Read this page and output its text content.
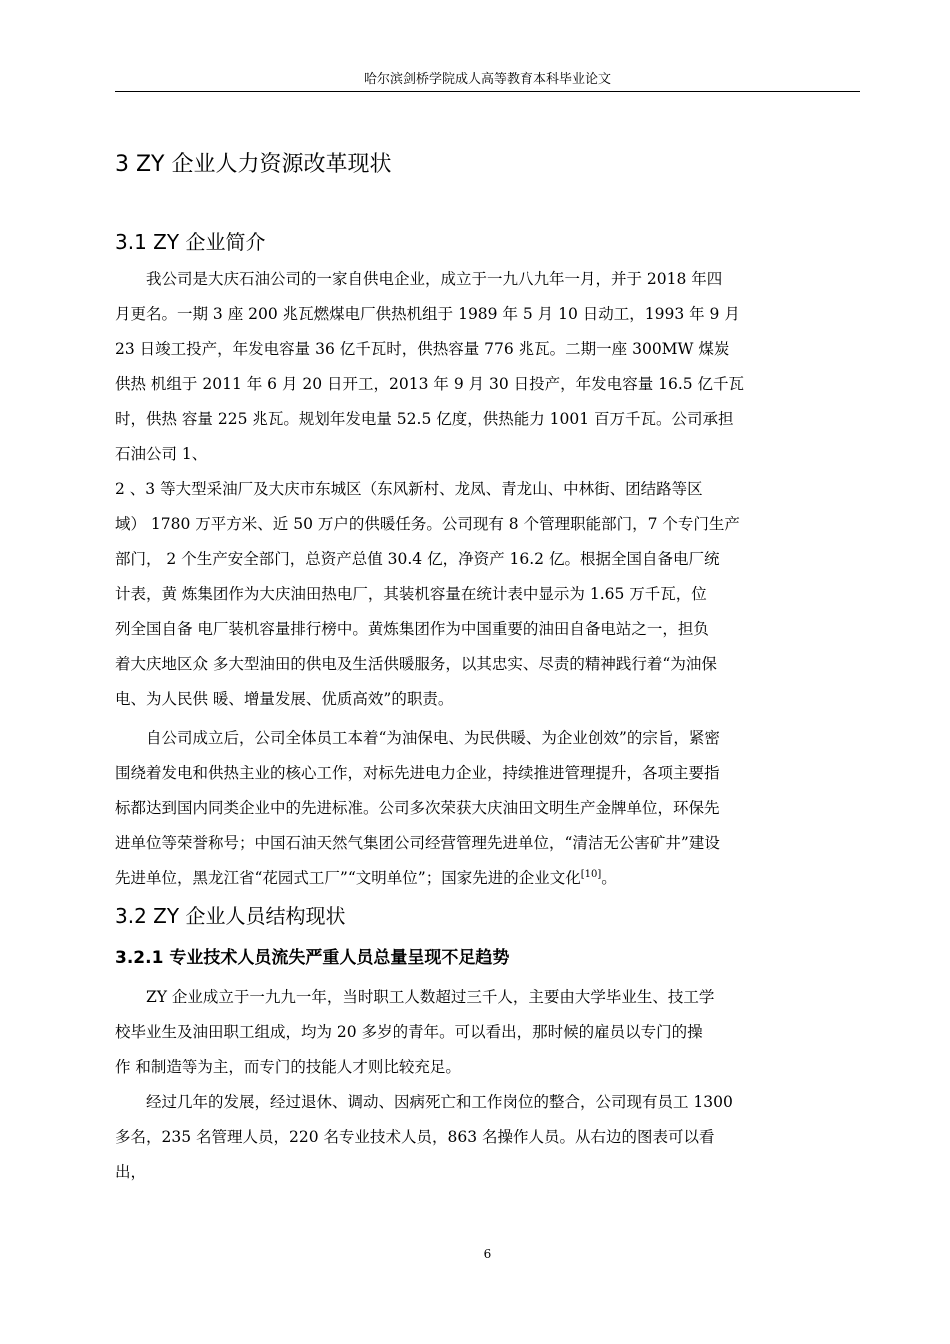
哈尔滨剑桥学院成人高等教育本科毕业论文
3 ZY 企业人力资源改革现状
3.1 ZY 企业简介

我公司是大庆石油公司的一家自供电企业，成立于一九八九年一月，并于 2018 年四
月更名。一期 3 座 200 兆瓦燃煤电厂供热机组于 1989 年 5 月 10 日动工，1993 年 9 月
23 日竣工投产，年发电容量 36 亿千瓦时，供热容量 776 兆瓦。二期一座 300MW 煤炭
供热 机组于 2011 年 6 月 20 日开工，2013 年 9 月 30 日投产，年发电容量 16.5 亿千瓦
时，供热 容量 225 兆瓦。规划年发电量 52.5 亿度，供热能力 1001 百万千瓦。公司承担
石油公司 1、

2 、3 等大型采油厂及大庆市东城区（东风新村、龙凤、青龙山、中林街、团结路等区
域） 1780 万平方米、近 50 万户的供暖任务。公司现有 8 个管理职能部门，7 个专门生产
部门， 2 个生产安全部门，总资产总值 30.4 亿，净资产 16.2 亿。根据全国自备电厂统
计表，黄 炼集团作为大庆油田热电厂，其装机容量在统计表中显示为 1.65 万千瓦，位
列全国自备 电厂装机容量排行榜中。黄炼集团作为中国重要的油田自备电站之一，担负
着大庆地区众 多大型油田的供电及生活供暖服务，以其忠实、尽责的精神践行着“为油保
电、为人民供 暖、增量发展、优质高效”的职责。

自公司成立后，公司全体员工本着“为油保电、为民供暖、为企业创效”的宗旨，紧密
围绕着发电和供热主业的核心工作，对标先进电力企业，持续推进管理提升，各项主要指
标都达到国内同类企业中的先进标准。公司多次荣获大庆油田文明生产金牌单位，环保先
进单位等荣誉称号；中国石油天然气集团公司经营管理先进单位，“清洁无公害矿井”建设
先进单位，黑龙江省“花园式工厂”“文明单位”；国家先进的企业文化[10]。

3.2 ZY 企业人员结构现状
3.2.1 专业技术人员流失严重人员总量呈现不足趋势

ZY 企业成立于一九九一年，当时职工人数超过三千人，主要由大学毕业生、技工学
校毕业生及油田职工组成，均为 20 多岁的青年。可以看出，那时候的雇员以专门的操
作 和制造等为主，而专门的技能人才则比较充足。

经过几年的发展，经过退休、调动、因病死亡和工作岗位的整合，公司现有员工 1300
多名，235 名管理人员，220 名专业技术人员，863 名操作人员。从右边的图表可以看
出，

6
